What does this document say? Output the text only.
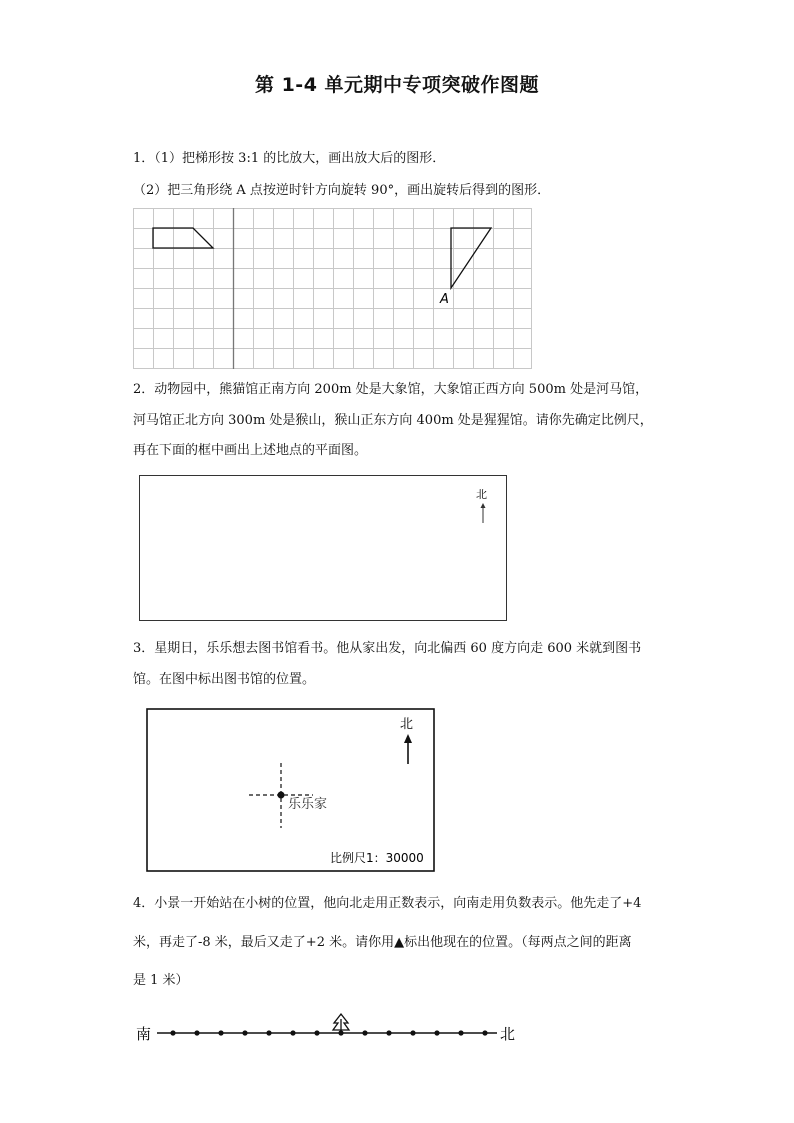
第 1-4 单元期中专项突破作图题
1．（1）把梯形按 3:1 的比放大，画出放大后的图形．
（2）把三角形绕 A 点按逆时针方向旋转 90°，画出旋转后得到的图形．
A
2．动物园中，熊猫馆正南方向 200m 处是大象馆，大象馆正西方向 500m 处是河马馆，
河马馆正北方向 300m 处是猴山，猴山正东方向 400m 处是猩猩馆。请你先确定比例尺，
再在下面的框中画出上述地点的平面图。
北
3．星期日，乐乐想去图书馆看书。他从家出发，向北偏西 60 度方向走 600 米就到图书
馆。在图中标出图书馆的位置。
北
乐乐家
比例尺1：30000
4．小景一开始站在小树的位置，他向北走用正数表示，向南走用负数表示。他先走了+4
米，再走了-8 米，最后又走了+2 米。请你用▲标出他现在的位置。（每两点之间的距离
是 1 米）
南	北
